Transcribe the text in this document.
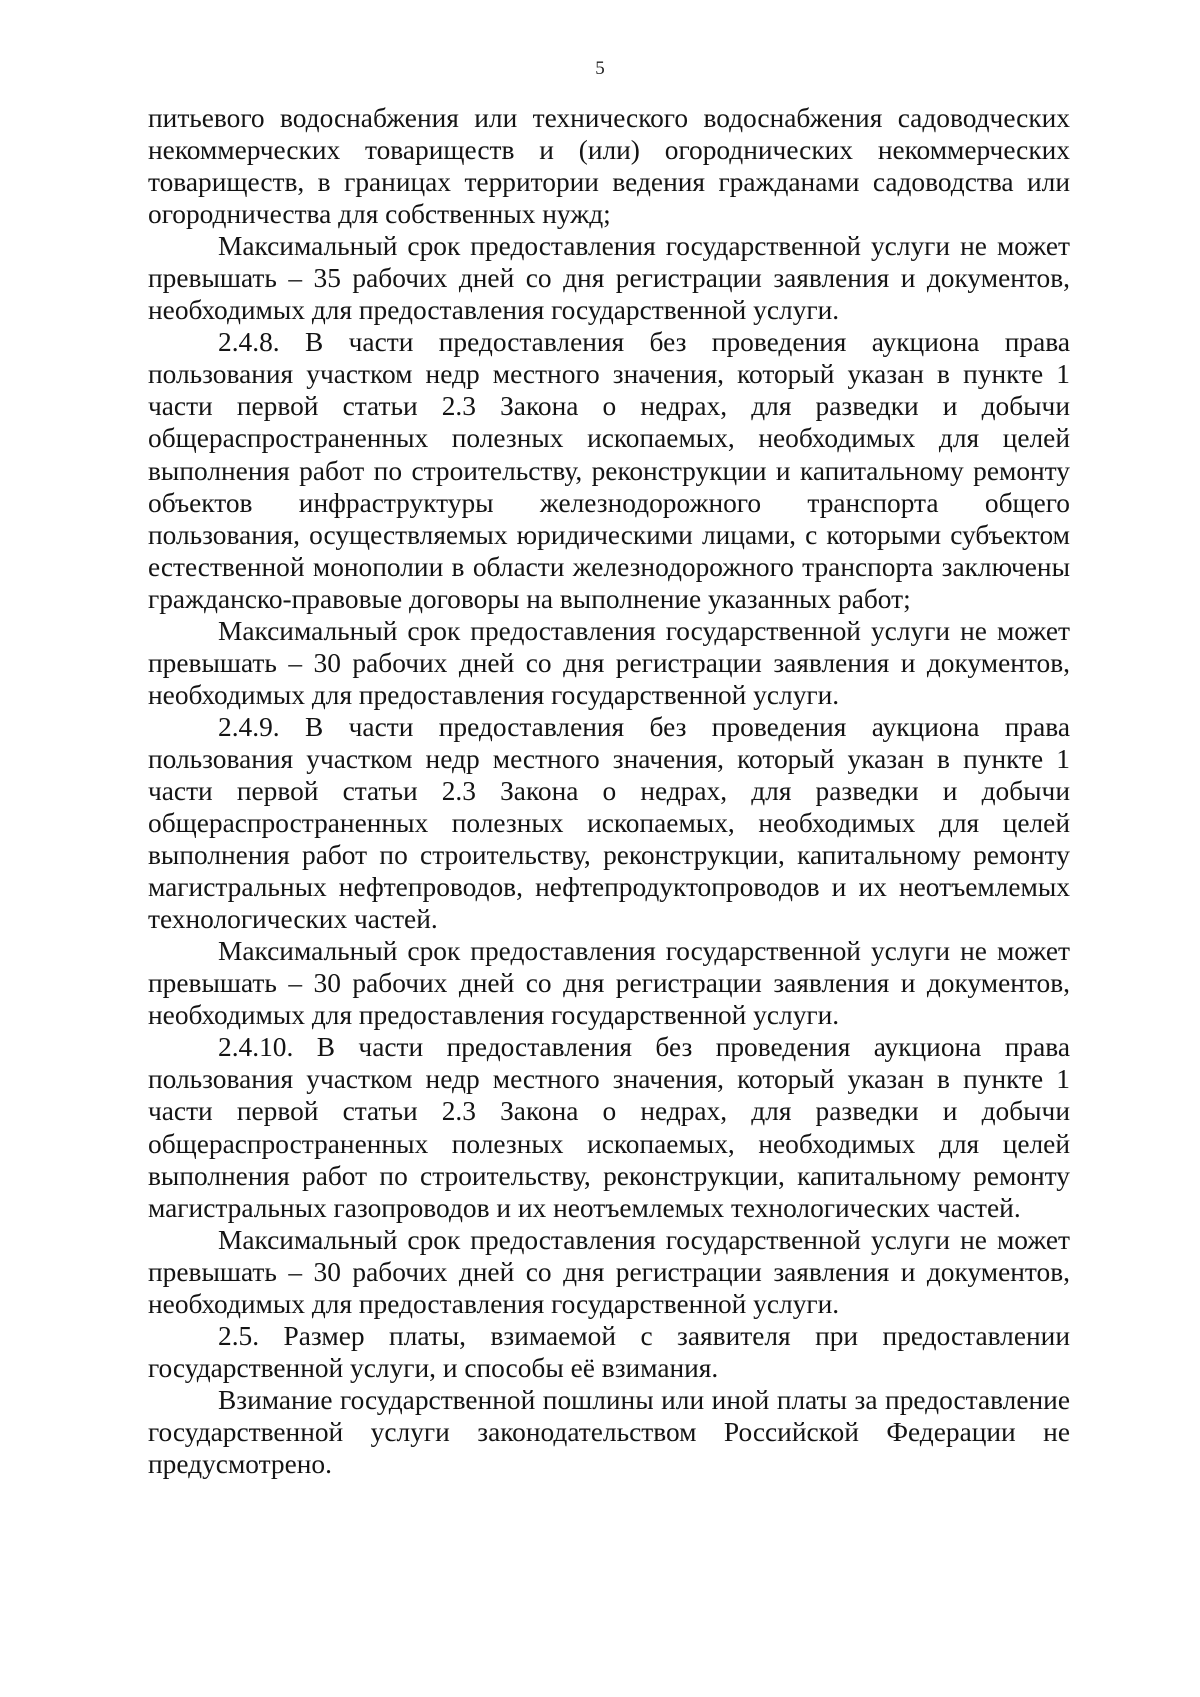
5

питьевого водоснабжения или технического водоснабжения садоводческих некоммерческих товариществ и (или) огороднических некоммерческих товариществ, в границах территории ведения гражданами садоводства или огородничества для собственных нужд;

Максимальный срок предоставления государственной услуги не может превышать – 35 рабочих дней со дня регистрации заявления и документов, необходимых для предоставления государственной услуги.

2.4.8. В части предоставления без проведения аукциона права пользования участком недр местного значения, который указан в пункте 1 части первой статьи 2.3 Закона о недрах, для разведки и добычи общераспространенных полезных ископаемых, необходимых для целей выполнения работ по строительству, реконструкции и капитальному ремонту объектов инфраструктуры железнодорожного транспорта общего пользования, осуществляемых юридическими лицами, с которыми субъектом естественной монополии в области железнодорожного транспорта заключены гражданско-правовые договоры на выполнение указанных работ;

Максимальный срок предоставления государственной услуги не может превышать – 30 рабочих дней со дня регистрации заявления и документов, необходимых для предоставления государственной услуги.

2.4.9. В части предоставления без проведения аукциона права пользования участком недр местного значения, который указан в пункте 1 части первой статьи 2.3 Закона о недрах, для разведки и добычи общераспространенных полезных ископаемых, необходимых для целей выполнения работ по строительству, реконструкции, капитальному ремонту магистральных нефтепроводов, нефтепродуктопроводов и их неотъемлемых технологических частей.

Максимальный срок предоставления государственной услуги не может превышать – 30 рабочих дней со дня регистрации заявления и документов, необходимых для предоставления государственной услуги.

2.4.10. В части предоставления без проведения аукциона права пользования участком недр местного значения, который указан в пункте 1 части первой статьи 2.3 Закона о недрах, для разведки и добычи общераспространенных полезных ископаемых, необходимых для целей выполнения работ по строительству, реконструкции, капитальному ремонту магистральных газопроводов и их неотъемлемых технологических частей.

Максимальный срок предоставления государственной услуги не может превышать – 30 рабочих дней со дня регистрации заявления и документов, необходимых для предоставления государственной услуги.

2.5. Размер платы, взимаемой с заявителя при предоставлении государственной услуги, и способы её взимания.

Взимание государственной пошлины или иной платы за предоставление государственной услуги законодательством Российской Федерации не предусмотрено.
